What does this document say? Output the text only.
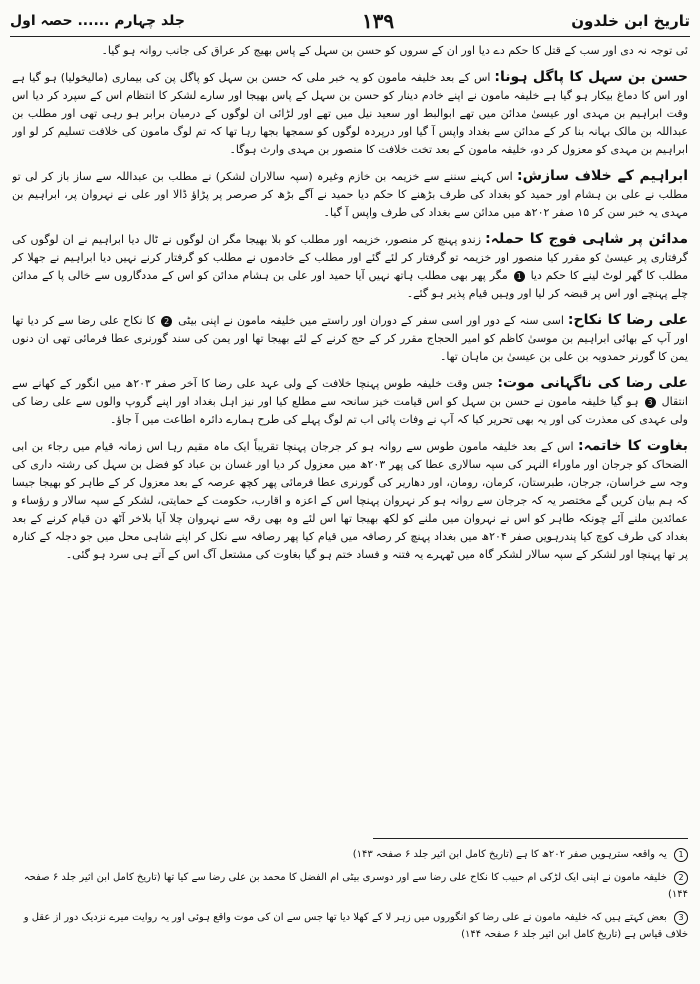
تاریخ ابن خلدون
۱۳۹
جلد چہارم ...... حصہ اول

ئی توجہ نہ دی اور سب کے قتل کا حکم دے دیا اور ان کے سروں کو حسن بن سہل کے پاس بھیج کر عراق کی جانب روانہ ہو گیا۔

حسن بن سہل کا پاگل ہونا: اس کے بعد خلیفہ مامون کو یہ خبر ملی کہ حسن بن سہل کو پاگل پن کی بیماری (مالیخولیا) ہو گیا ہے اور اس کا دماغ بیکار ہو گیا ہے خلیفہ مامون نے اپنے خادم دینار کو حسن بن سہل کے پاس بھیجا اور سارے لشکر کا انتظام اس کے سپرد کر دیا اس وقت ابراہیم بن مہدی اور عیسیٰ مدائن میں تھے ابوالبط اور سعید نیل میں تھے اور لڑائی ان لوگوں کے درمیان برابر ہو رہی تھی اور مطلب بن عبداللہ بن مالک بہانہ بنا کر کے مدائن سے بغداد واپس آ گیا اور درپردہ لوگوں کو سمجھا بجھا رہا تھا کہ تم لوگ مامون کی خلافت تسلیم کر لو اور ابراہیم بن مہدی کو معزول کر دو، خلیفہ مامون کے بعد تخت خلافت کا منصور بن مہدی وارث ہوگا۔

ابراہیم کے خلاف سازش: اس کہنے سننے سے خزیمہ بن خازم وغیرہ (سپہ سالاران لشکر) نے مطلب بن عبداللہ سے ساز باز کر لی تو مطلب نے علی بن ہشام اور حمید کو بغداد کی طرف بڑھنے کا حکم دیا حمید نے آگے بڑھ کر صرصر پر پڑاؤ ڈالا اور علی نے نہروان پر، ابراہیم بن مہدی یہ خبر سن کر ۱۵ صفر ۲۰۲ھ میں مدائن سے بغداد کی طرف واپس آ گیا۔

مدائن پر شاہی فوج کا حملہ: زندو پہنچ کر منصور، خزیمہ اور مطلب کو بلا بھیجا مگر ان لوگوں نے ٹال دیا ابراہیم نے ان لوگوں کی گرفتاری پر عیسیٰ کو مقرر کیا منصور اور خزیمہ تو گرفتار کر لئے گئے اور مطلب کے خادموں نے مطلب کو گرفتار کرنے نہیں دیا ابراہیم نے جھلا کر مطلب کا گھر لوٹ لینے کا حکم دیا 1 مگر پھر بھی مطلب ہاتھ نہیں آیا حمید اور علی بن ہشام مدائن کو اس کے مددگاروں سے خالی پا کے مدائن چلے پہنچے اور اس پر قبضہ کر لیا اور وہیں قیام پذیر ہو گئے۔

علی رضا کا نکاح: اسی سنہ کے دور اور اسی سفر کے دوران اور راستے میں خلیفہ مامون نے اپنی بیٹی 2 کا نکاح علی رضا سے کر دیا تھا اور آپ کے بھائی ابراہیم بن موسیٰ کاظم کو امیر الحجاج مقرر کر کے حج کرنے کے لئے بھیجا تھا اور یمن کی سند گورنری عطا فرمائی تھی ان دنوں یمن کا گورنر حمدویہ بن علی بن عیسیٰ بن ماہان تھا۔

علی رضا کی ناگہانی موت: جس وقت خلیفہ طوس پہنچا خلافت کے ولی عہد علی رضا کا آخر صفر ۲۰۳ھ میں انگور کے کھانے سے انتقال 3 ہو گیا خلیفہ مامون نے حسن بن سہل کو اس قیامت خیز سانحہ سے مطلع کیا اور نیز اہل بغداد اور اپنے گروپ والوں سے علی رضا کی ولی عہدی کی معذرت کی اور یہ بھی تحریر کیا کہ آپ نے وفات پائی اب تم لوگ پہلے کی طرح ہمارے دائرہ اطاعت میں آ جاؤ۔

بغاوت کا خاتمہ: اس کے بعد خلیفہ مامون طوس سے روانہ ہو کر جرجان پہنچا تقریباً ایک ماہ مقیم رہا اس زمانہ قیام میں رجاء بن ابی الضحاک کو جرجان اور ماوراء النہر کی سپہ سالاری عطا کی پھر ۲۰۳ھ میں معزول کر دیا اور غسان بن عباد کو فضل بن سہل کی رشتہ داری کی وجہ سے خراسان، جرجان، طبرستان، کرمان، رومان، اور دھاریر کی گورنری عطا فرمائی پھر کچھ عرصہ کے بعد معزول کر کے طاہر کو بھیجا جیسا کہ ہم بیان کریں گے مختصر یہ کہ جرجان سے روانہ ہو کر نہروان پہنچا اس کے اعزہ و اقارب، حکومت کے حمایتی، لشکر کے سپہ سالار و رؤساء و عمائدین ملنے آئے چونکہ طاہر کو اس نے نہروان میں ملنے کو لکھ بھیجا تھا اس لئے وہ بھی رقہ سے نہروان چلا آیا بلاخر آٹھ دن قیام کرنے کے بعد بغداد کی طرف کوچ کیا پندرہویں صفر ۲۰۴ھ میں بغداد پہنچ کر رصافہ میں قیام کیا پھر رصافہ سے نکل کر اپنے شاہی محل میں جو دجلہ کے کنارہ پر تھا پہنچا اور لشکر کے سپہ سالار لشکر گاہ میں ٹھہرے یہ فتنہ و فساد ختم ہو گیا بغاوت کی مشتعل آگ اس کے آتے ہی سرد ہو گئی۔

1 یہ واقعہ سترہویں صفر ۲۰۲ھ کا ہے (تاریخ کامل ابن اثیر جلد ۶ صفحہ ۱۴۳)

2 خلیفہ مامون نے اپنی ایک لڑکی ام حبیب کا نکاح علی رضا سے اور دوسری بیٹی ام الفضل کا محمد بن علی رضا سے کیا تھا (تاریخ کامل ابن اثیر جلد ۶ صفحہ ۱۴۴)

3 بعض کہتے ہیں کہ خلیفہ مامون نے علی رضا کو انگوروں میں زہر لا کے کھلا دیا تھا جس سے ان کی موت واقع ہوئی اور یہ روایت میرے نزدیک دور از عقل و خلاف قیاس ہے (تاریخ کامل ابن اثیر جلد ۶ صفحہ ۱۴۴)
